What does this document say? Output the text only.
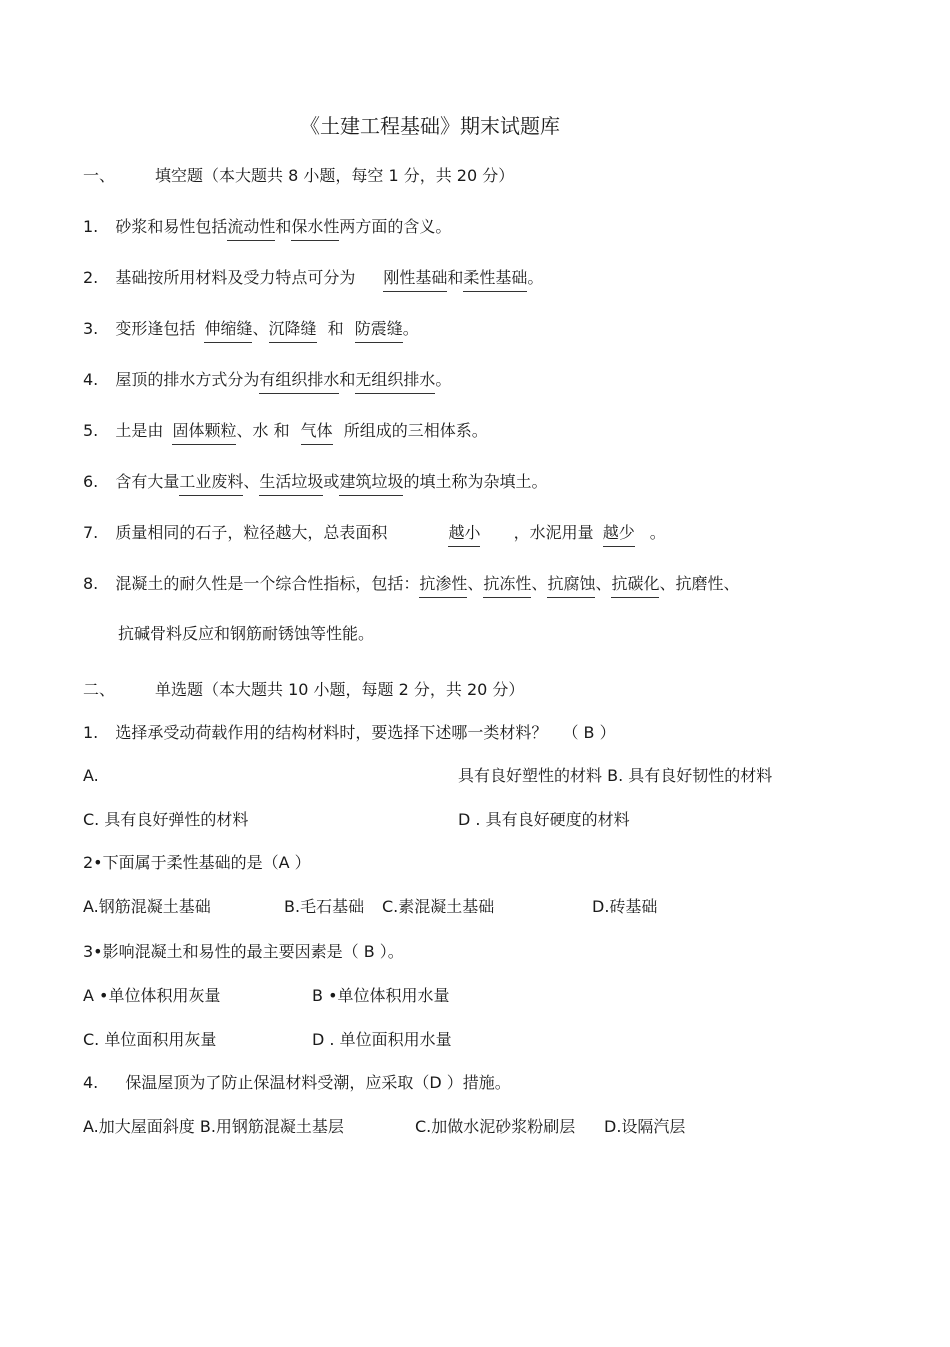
《土建工程基础》期末试题库
一、 填空题（本大题共 8 小题，每空 1 分，共 20 分）
1. 砂浆和易性包括流动性和保水性两方面的含义。
2. 基础按所用材料及受力特点可分为 刚性基础和柔性基础。
3. 变形逢包括 伸缩缝、沉降缝 和 防震缝。
4. 屋顶的排水方式分为有组织排水和无组织排水。
5. 土是由 固体颗粒、水 和 气体 所组成的三相体系。
6. 含有大量工业废料、生活垃圾或建筑垃圾的填土称为杂填土。
7. 质量相同的石子，粒径越大，总表面积	越小 ，水泥用量 越少 。
8. 混凝土的耐久性是一个综合性指标，包括：抗渗性、抗冻性、抗腐蚀、抗碳化、抗磨性、
抗碱骨料反应和钢筋耐锈蚀等性能。
二、 单选题（本大题共 10 小题，每题 2 分，共 20 分）
1. 选择承受动荷载作用的结构材料时，要选择下述哪一类材料？ （ B ）
A.	具有良好塑性的材料 B. 具有良好韧性的材料
C. 具有良好弹性的材料	D . 具有良好硬度的材料
2•下面属于柔性基础的是（A ）
A.钢筋混凝土基础	B.毛石基础 C.素混凝土基础	D.砖基础
3•影响混凝土和易性的最主要因素是（ B ）。
A •单位体积用灰量	B •单位体积用水量
C. 单位面积用灰量	D . 单位面积用水量
4. 保温屋顶为了防止保温材料受潮，应采取（D ）措施。
A.加大屋面斜度 B.用钢筋混凝土基层	C.加做水泥砂浆粉刷层 D.设隔汽层
